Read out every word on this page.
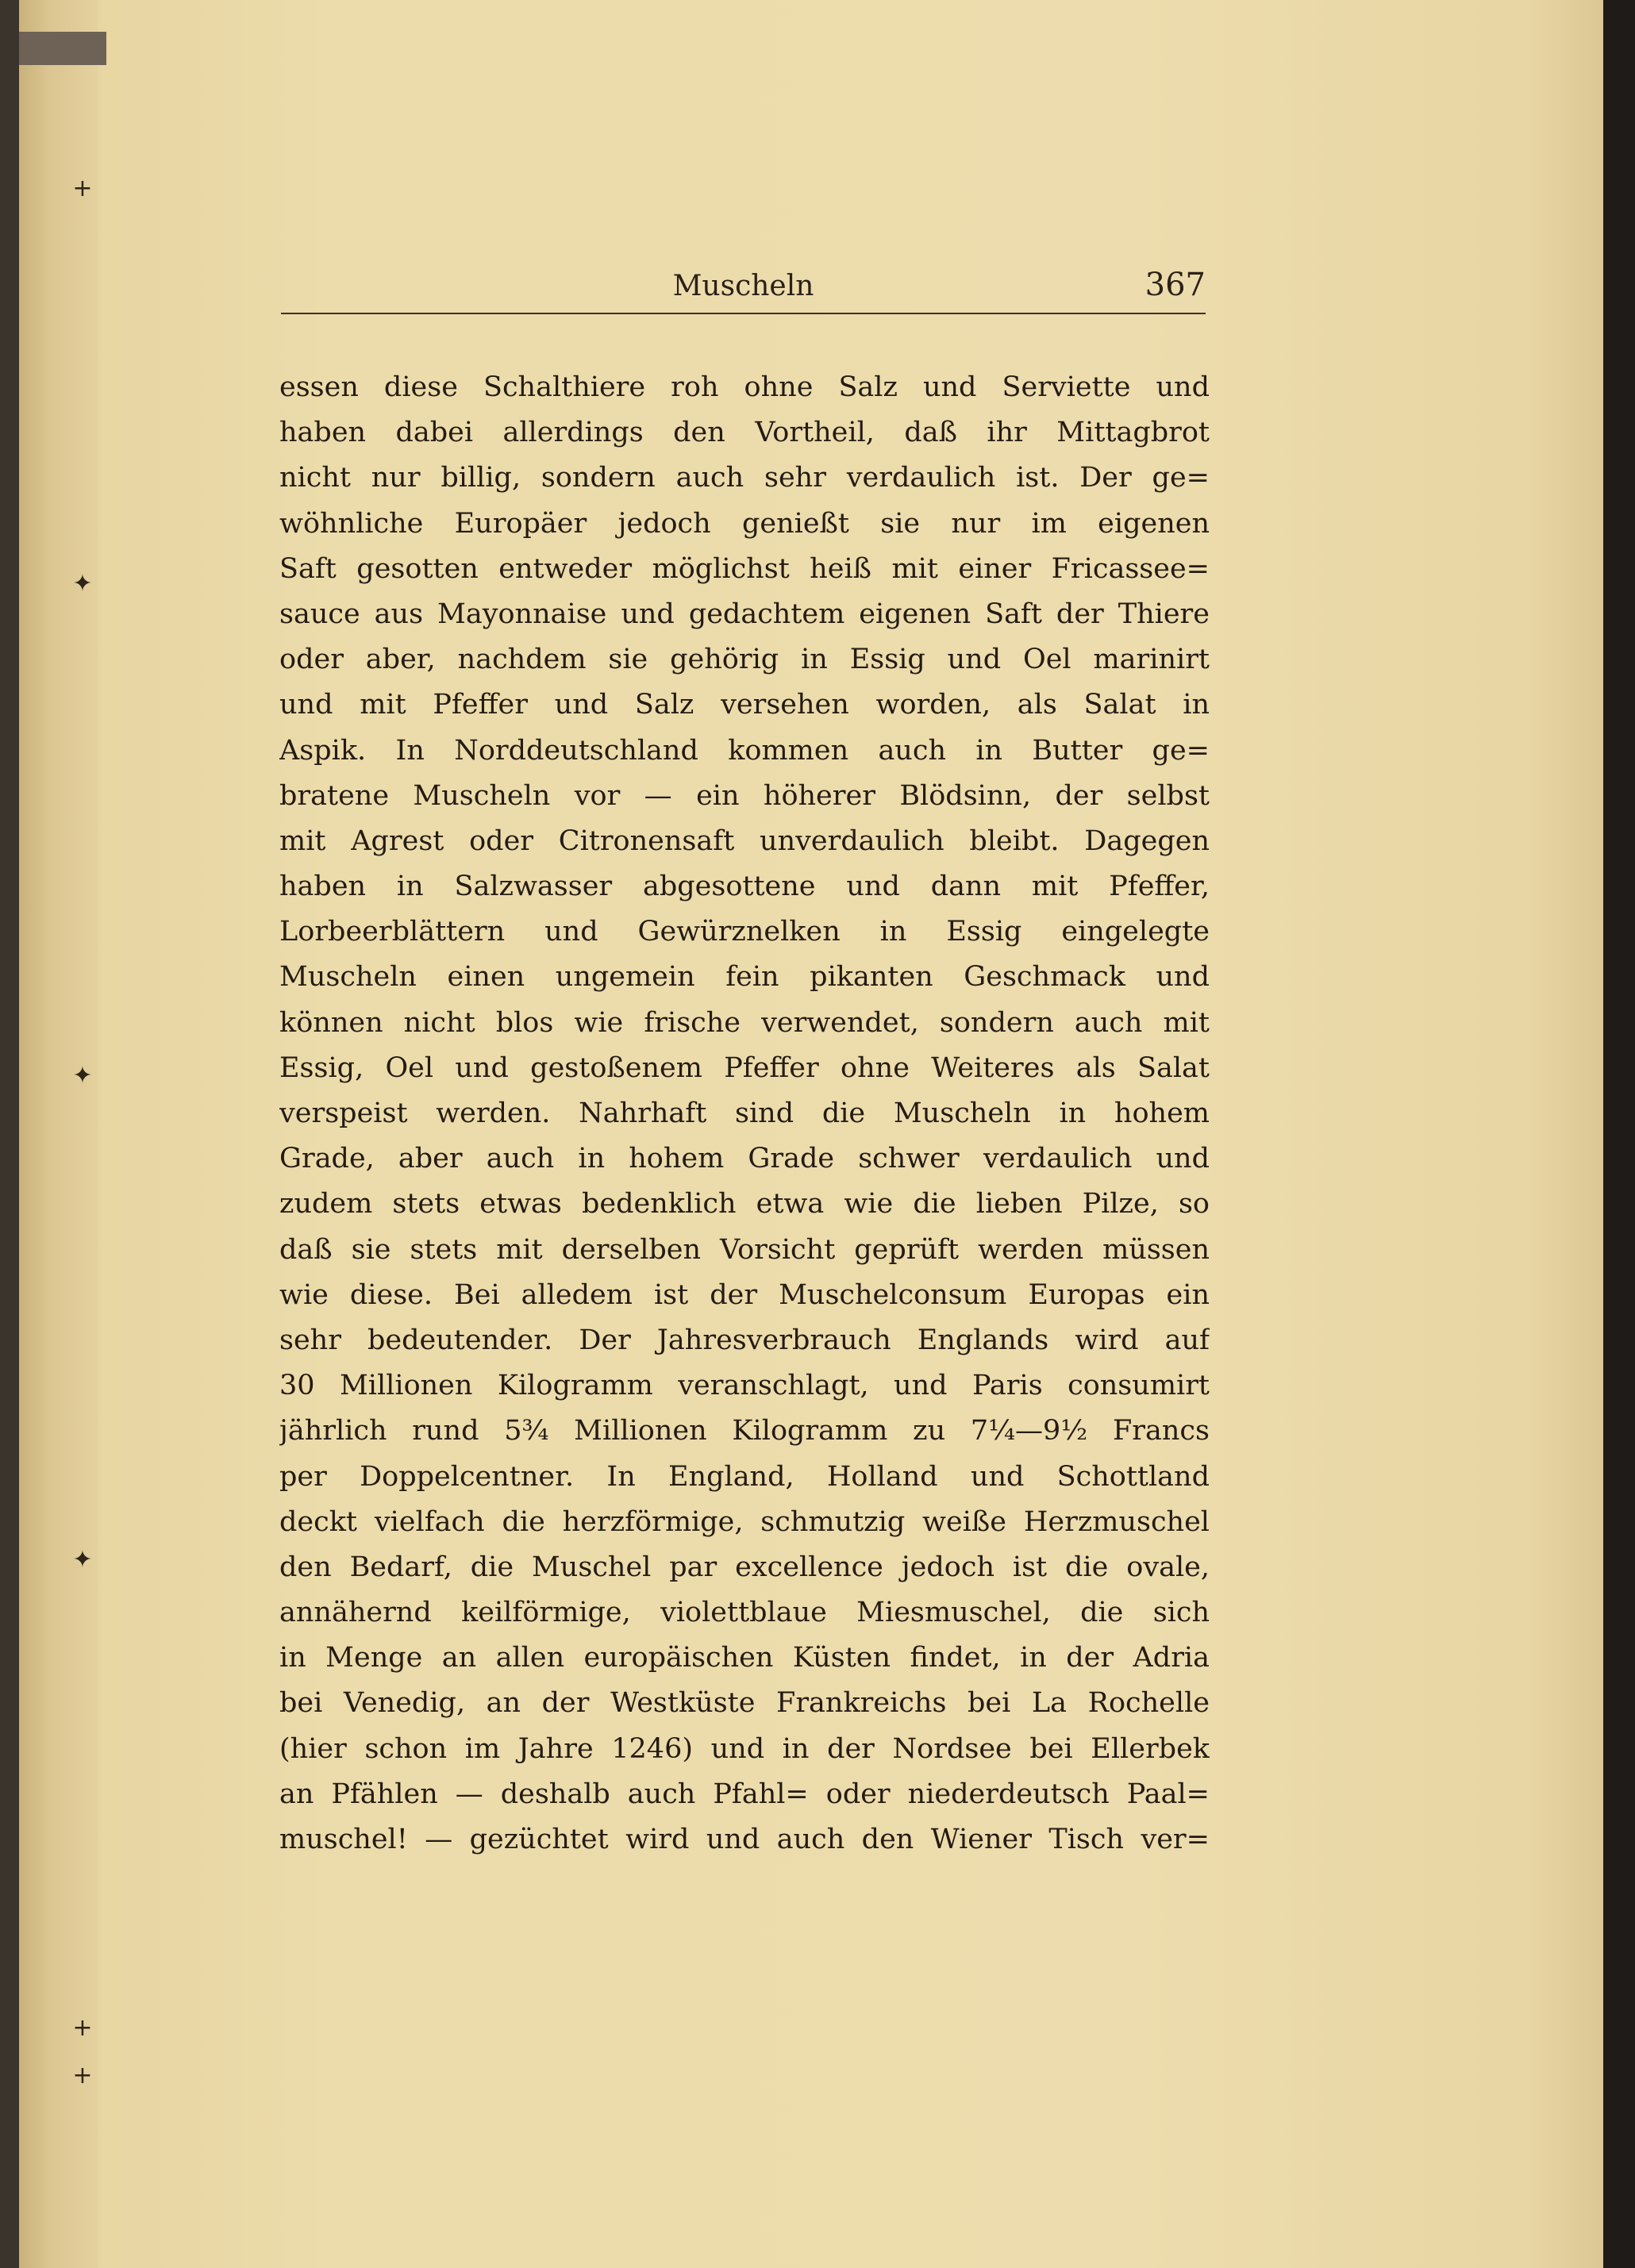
+
✦
✦
✦
+
+
Muscheln	367
essen diese Schalthiere roh ohne Salz und Serviette und
haben dabei allerdings den Vortheil, daß ihr Mittagbrot
nicht nur billig, sondern auch sehr verdaulich ist. Der ge=
wöhnliche Europäer jedoch genießt sie nur im eigenen
Saft gesotten entweder möglichst heiß mit einer Fricassee=
sauce aus Mayonnaise und gedachtem eigenen Saft der Thiere
oder aber, nachdem sie gehörig in Essig und Oel marinirt
und mit Pfeffer und Salz versehen worden, als Salat in
Aspik. In Norddeutschland kommen auch in Butter ge=
bratene Muscheln vor — ein höherer Blödsinn, der selbst
mit Agrest oder Citronensaft unverdaulich bleibt. Dagegen
haben in Salzwasser abgesottene und dann mit Pfeffer,
Lorbeerblättern und Gewürznelken in Essig eingelegte
Muscheln einen ungemein fein pikanten Geschmack und
können nicht blos wie frische verwendet, sondern auch mit
Essig, Oel und gestoßenem Pfeffer ohne Weiteres als Salat
verspeist werden. Nahrhaft sind die Muscheln in hohem
Grade, aber auch in hohem Grade schwer verdaulich und
zudem stets etwas bedenklich etwa wie die lieben Pilze, so
daß sie stets mit derselben Vorsicht geprüft werden müssen
wie diese. Bei alledem ist der Muschelconsum Europas ein
sehr bedeutender. Der Jahresverbrauch Englands wird auf
30 Millionen Kilogramm veranschlagt, und Paris consumirt
jährlich rund 5¾ Millionen Kilogramm zu 7¼—9½ Francs
per Doppelcentner. In England, Holland und Schottland
deckt vielfach die herzförmige, schmutzig weiße Herzmuschel
den Bedarf, die Muschel par excellence jedoch ist die ovale,
annähernd keilförmige, violettblaue Miesmuschel, die sich
in Menge an allen europäischen Küsten findet, in der Adria
bei Venedig, an der Westküste Frankreichs bei La Rochelle
(hier schon im Jahre 1246) und in der Nordsee bei Ellerbek
an Pfählen — deshalb auch Pfahl= oder niederdeutsch Paal=
muschel! — gezüchtet wird und auch den Wiener Tisch ver=
